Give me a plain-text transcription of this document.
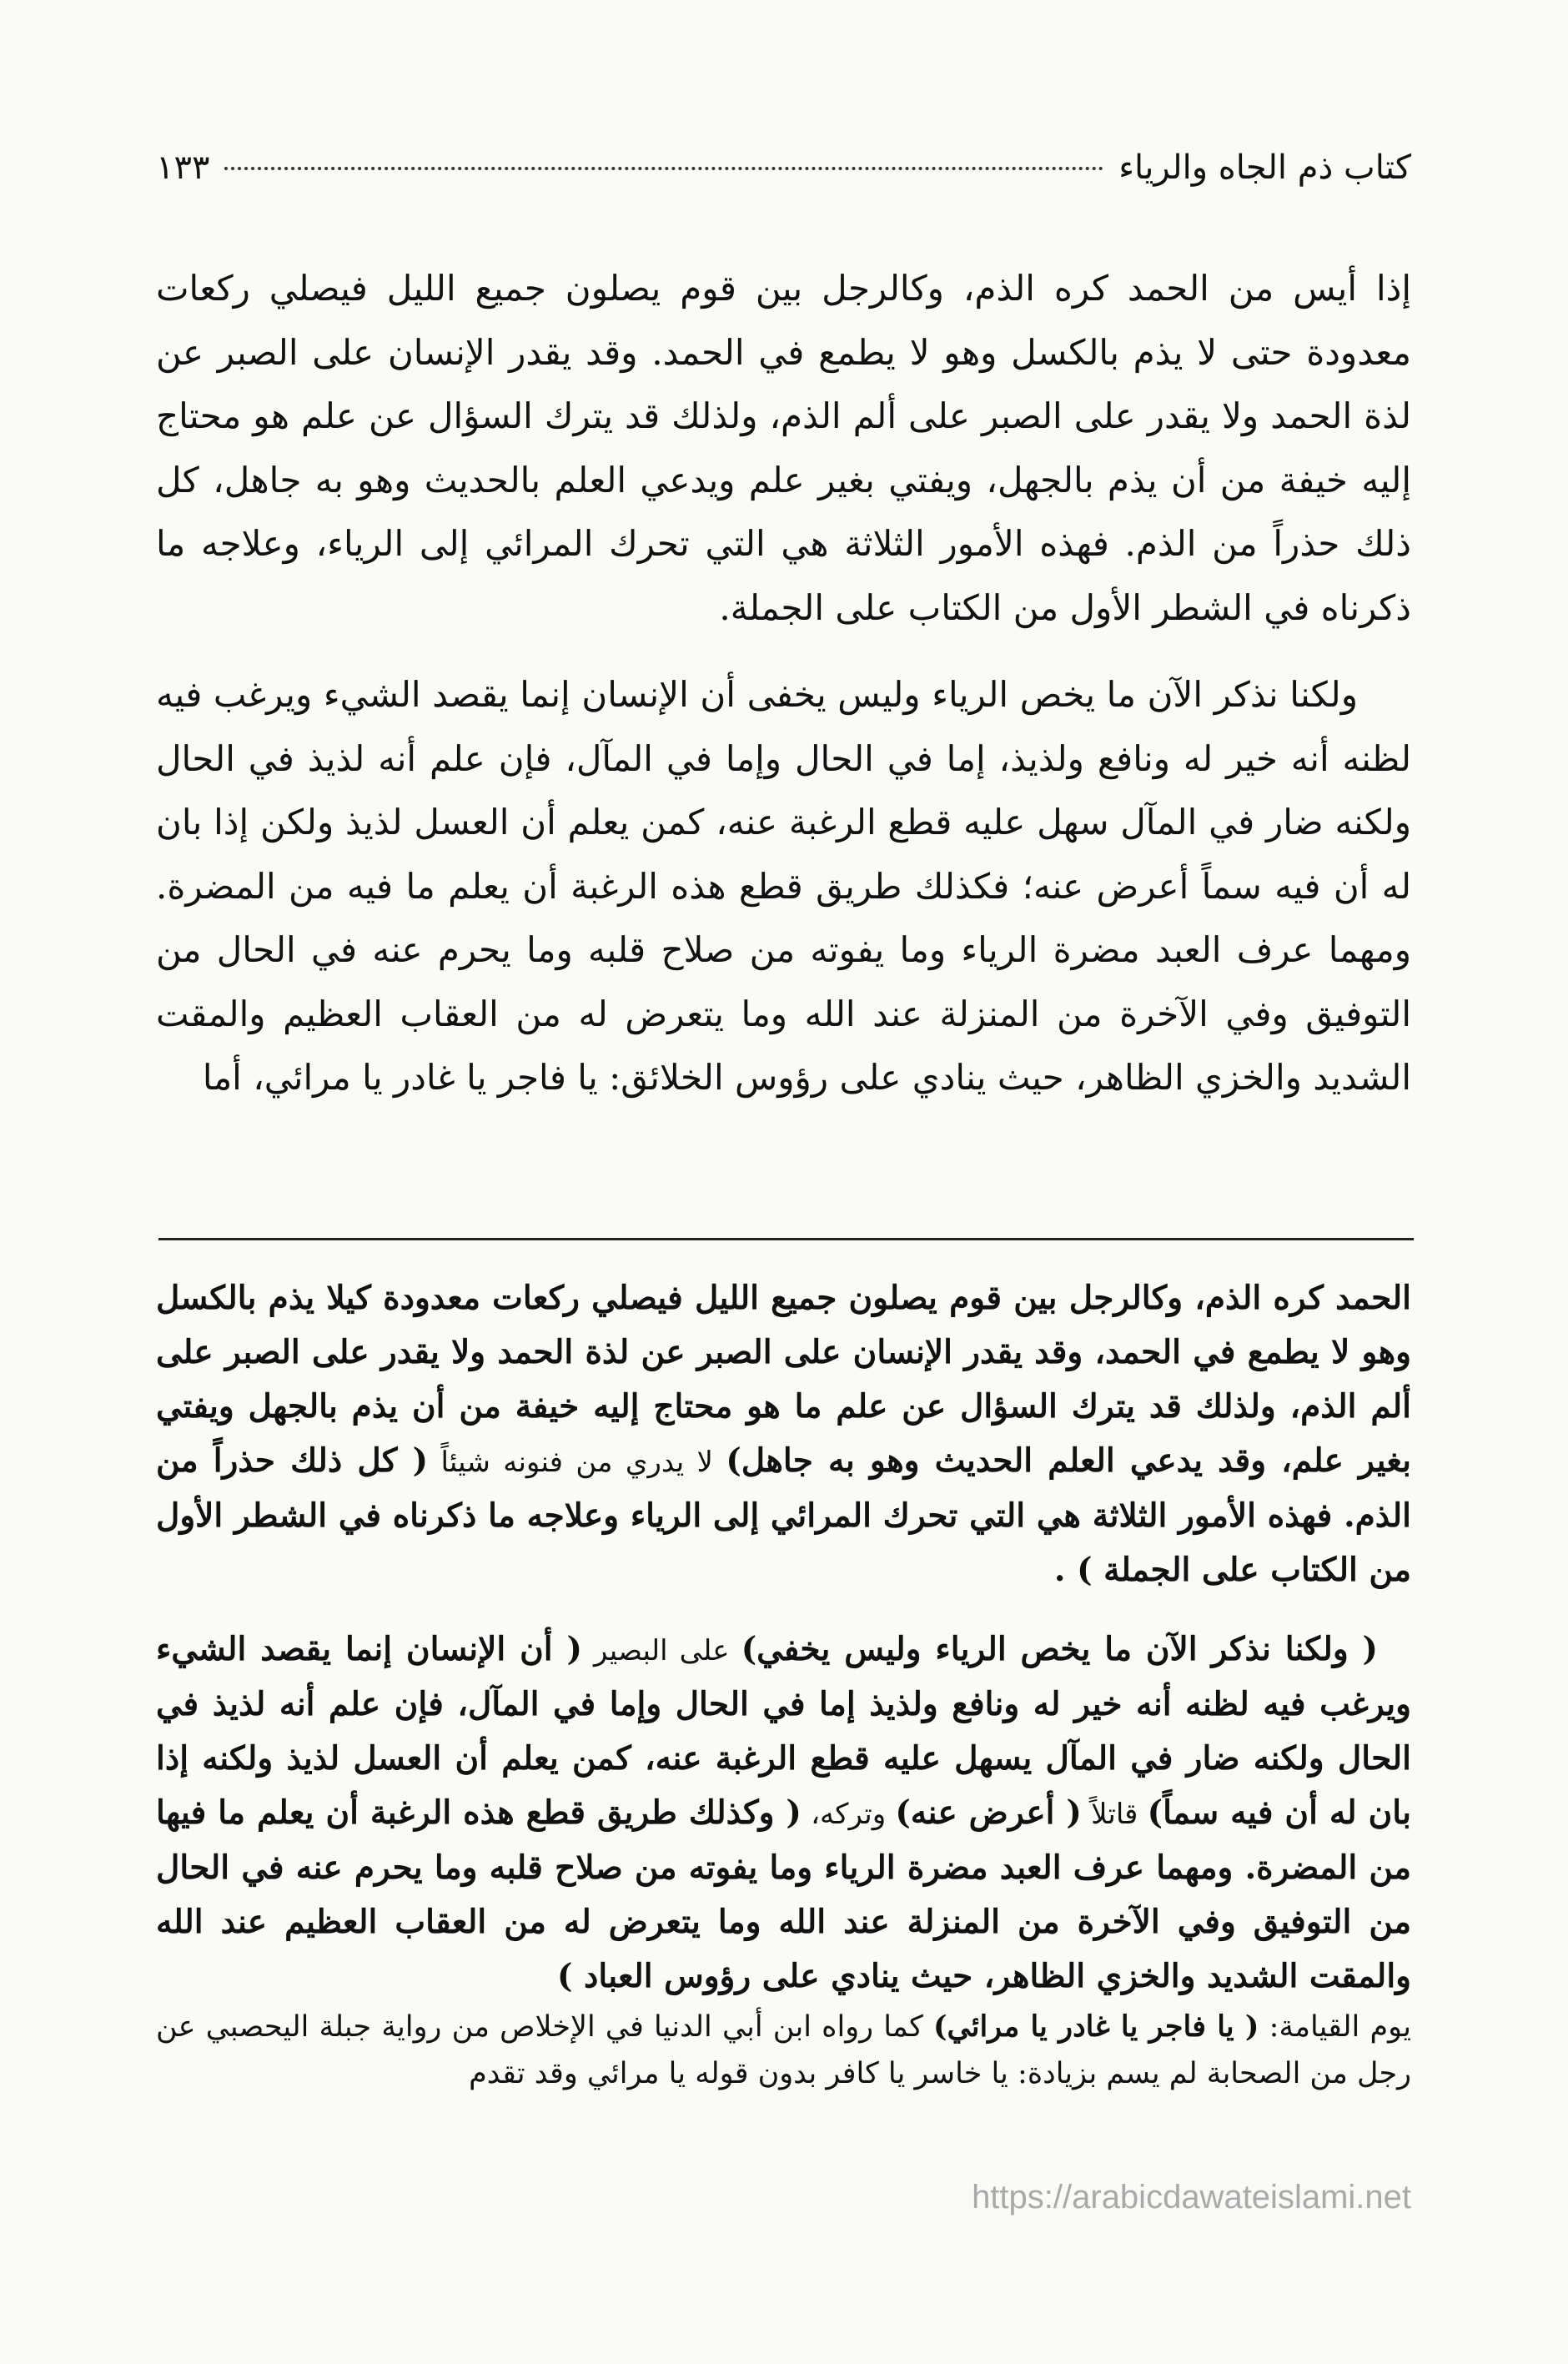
كتاب ذم الجاه والرياء
١٣٣

إذا أيس من الحمد كره الذم، وكالرجل بين قوم يصلون جميع الليل فيصلي ركعات معدودة حتى لا يذم بالكسل وهو لا يطمع في الحمد. وقد يقدر الإنسان على الصبر عن لذة الحمد ولا يقدر على الصبر على ألم الذم، ولذلك قد يترك السؤال عن علم هو محتاج إليه خيفة من أن يذم بالجهل، ويفتي بغير علم ويدعي العلم بالحديث وهو به جاهل، كل ذلك حذراً من الذم. فهذه الأمور الثلاثة هي التي تحرك المرائي إلى الرياء، وعلاجه ما ذكرناه في الشطر الأول من الكتاب على الجملة.

ولكنا نذكر الآن ما يخص الرياء وليس يخفى أن الإنسان إنما يقصد الشيء ويرغب فيه لظنه أنه خير له ونافع ولذيذ، إما في الحال وإما في المآل، فإن علم أنه لذيذ في الحال ولكنه ضار في المآل سهل عليه قطع الرغبة عنه، كمن يعلم أن العسل لذيذ ولكن إذا بان له أن فيه سماً أعرض عنه؛ فكذلك طريق قطع هذه الرغبة أن يعلم ما فيه من المضرة. ومهما عرف العبد مضرة الرياء وما يفوته من صلاح قلبه وما يحرم عنه في الحال من التوفيق وفي الآخرة من المنزلة عند الله وما يتعرض له من العقاب العظيم والمقت الشديد والخزي الظاهر، حيث ينادي على رؤوس الخلائق: يا فاجر يا غادر يا مرائي، أما

الحمد كره الذم، وكالرجل بين قوم يصلون جميع الليل فيصلي ركعات معدودة كيلا يذم بالكسل وهو لا يطمع في الحمد، وقد يقدر الإنسان على الصبر عن لذة الحمد ولا يقدر على الصبر على ألم الذم، ولذلك قد يترك السؤال عن علم ما هو محتاج إليه خيفة من أن يذم بالجهل ويفتي بغير علم، وقد يدعي العلم الحديث وهو به جاهل) لا يدري من فنونه شيئاً ( كل ذلك حذراً من الذم. فهذه الأمور الثلاثة هي التي تحرك المرائي إلى الرياء وعلاجه ما ذكرناه في الشطر الأول من الكتاب على الجملة ) .

( ولكنا نذكر الآن ما يخص الرياء وليس يخفي) على البصير ( أن الإنسان إنما يقصد الشيء ويرغب فيه لظنه أنه خير له ونافع ولذيذ إما في الحال وإما في المآل، فإن علم أنه لذيذ في الحال ولكنه ضار في المآل يسهل عليه قطع الرغبة عنه، كمن يعلم أن العسل لذيذ ولكنه إذا بان له أن فيه سماً) قاتلاً ( أعرض عنه) وتركه، ( وكذلك طريق قطع هذه الرغبة أن يعلم ما فيها من المضرة. ومهما عرف العبد مضرة الرياء وما يفوته من صلاح قلبه وما يحرم عنه في الحال من التوفيق وفي الآخرة من المنزلة عند الله وما يتعرض له من العقاب العظيم عند الله والمقت الشديد والخزي الظاهر، حيث ينادي على رؤوس العباد )

يوم القيامة: ( يا فاجر يا غادر يا مرائي) كما رواه ابن أبي الدنيا في الإخلاص من رواية جبلة اليحصبي عن رجل من الصحابة لم يسم بزيادة: يا خاسر يا كافر بدون قوله يا مرائي وقد تقدم
https://arabicdawateislami.net
